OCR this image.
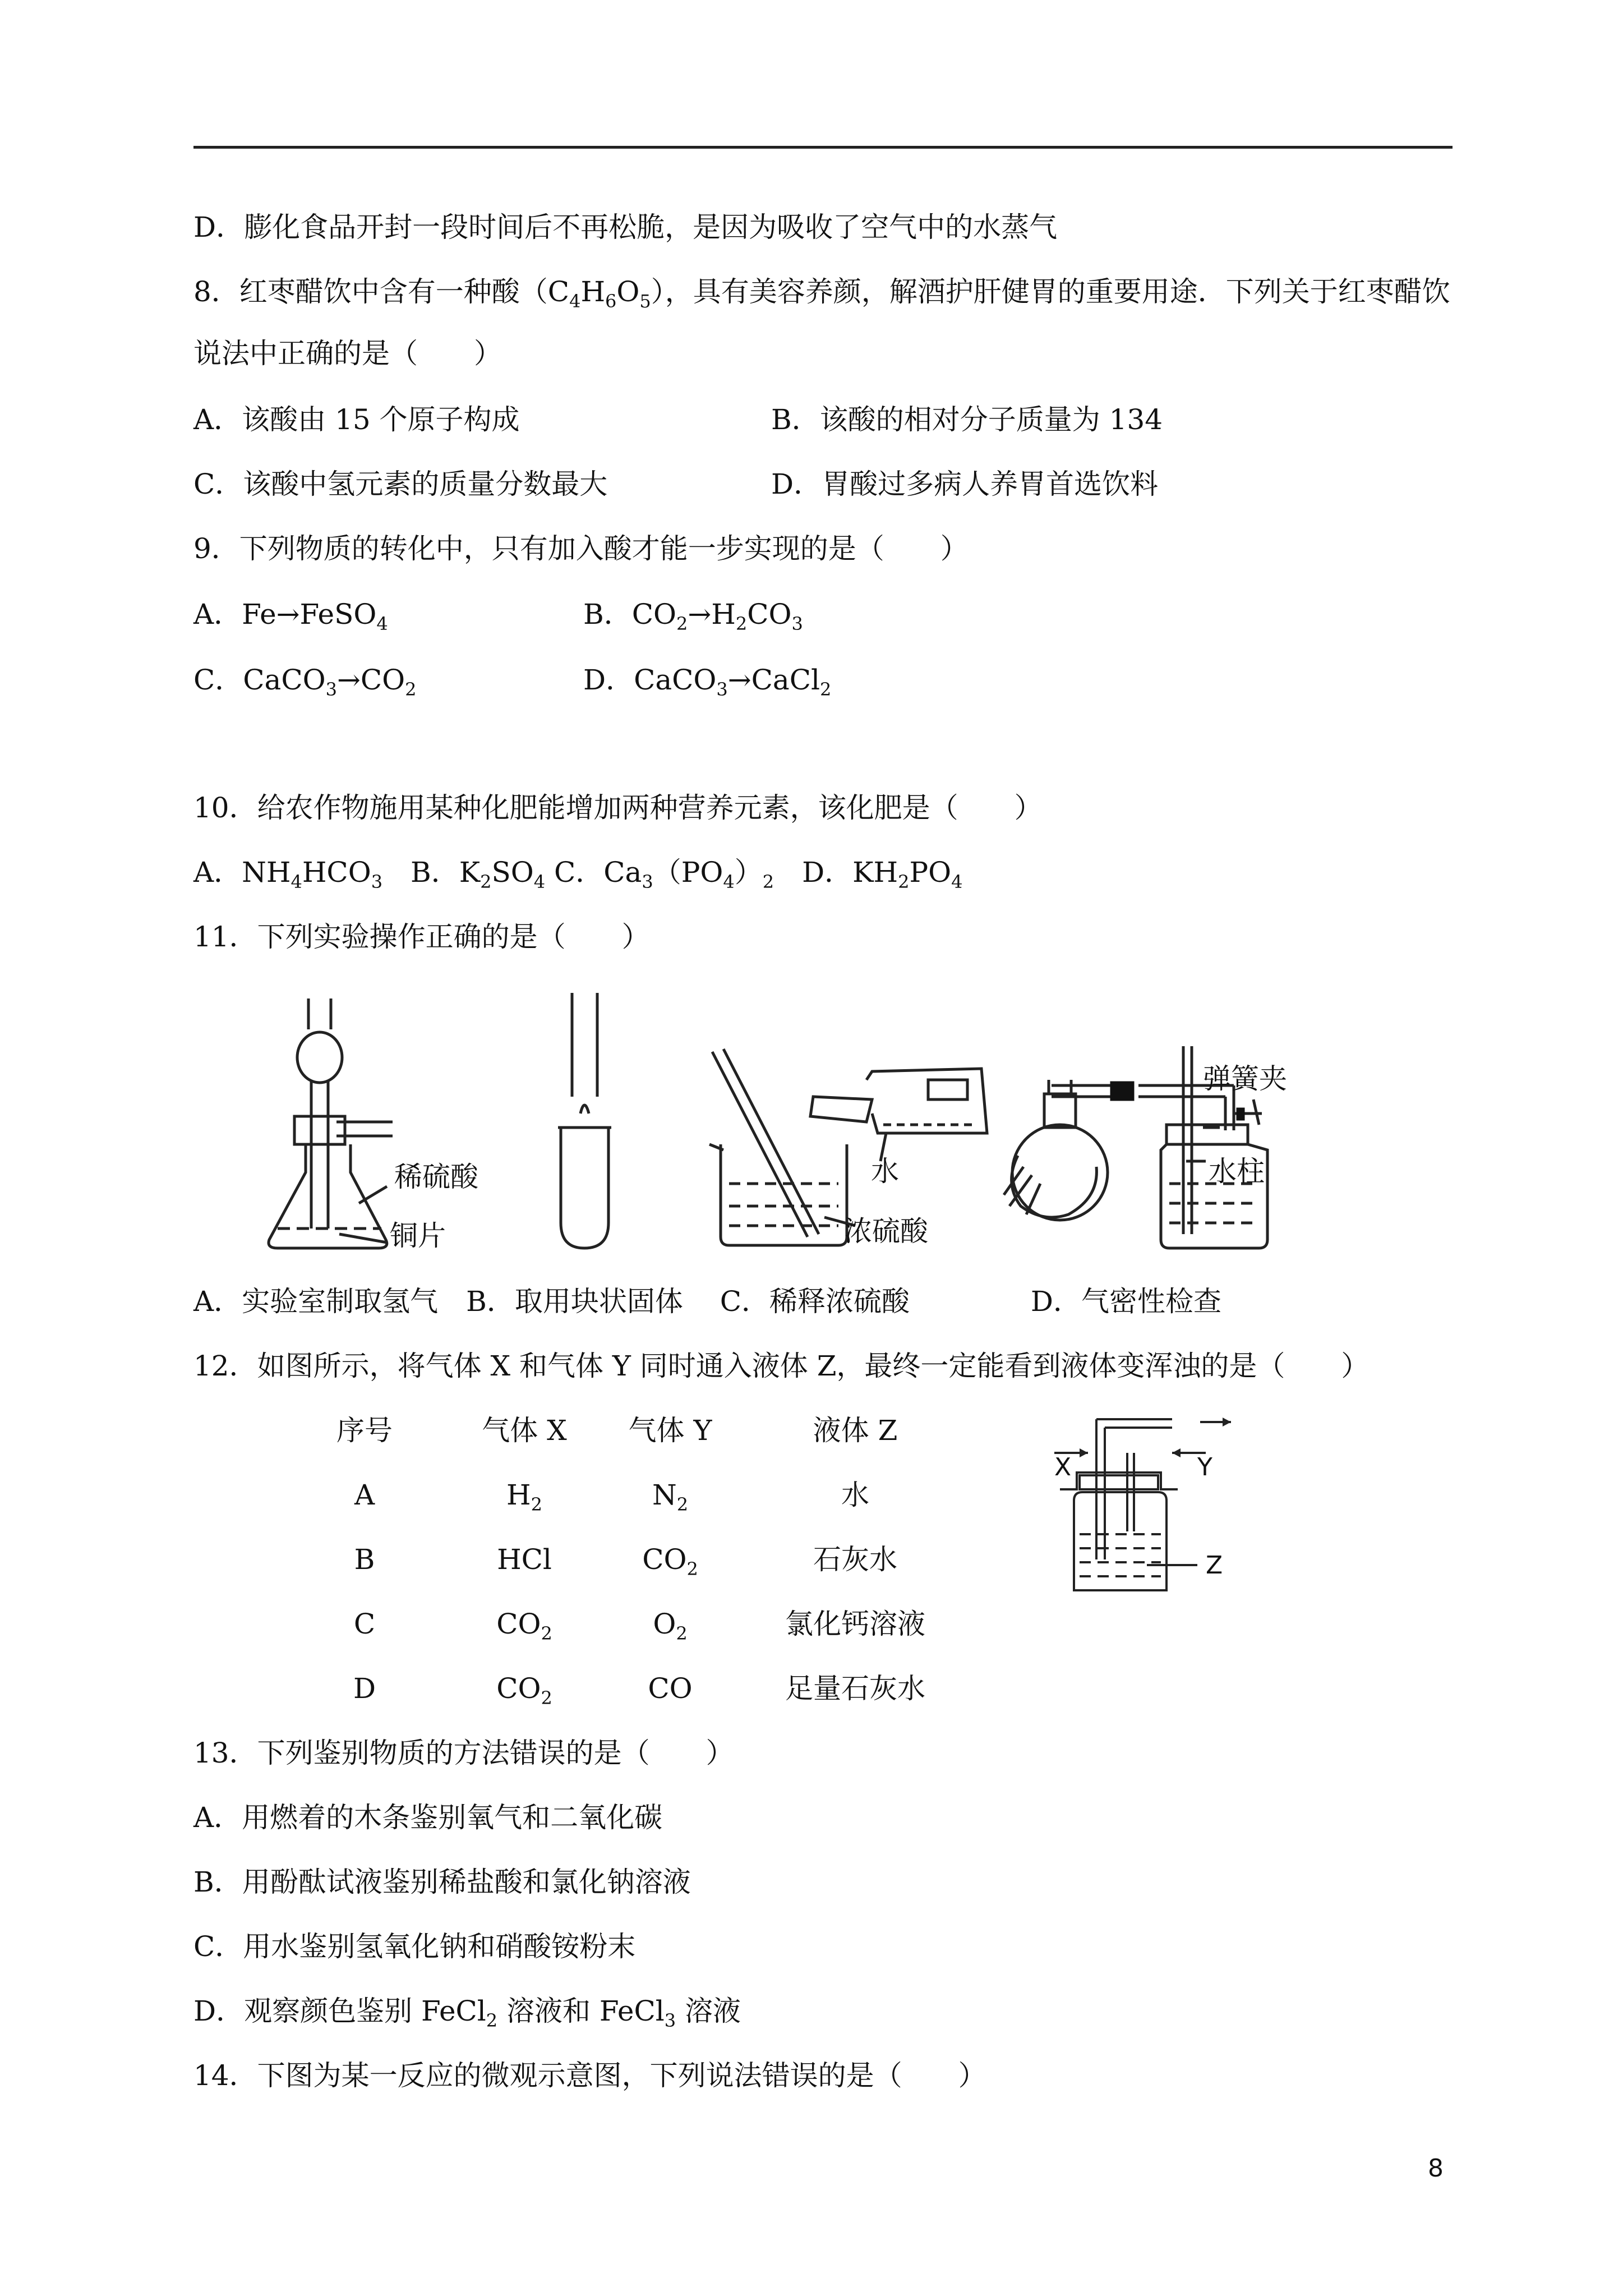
D．膨化食品开封一段时间后不再松脆，是因为吸收了空气中的水蒸气
8．红枣醋饮中含有一种酸$(C_4H_6O_5)$，具有美容养颜，解酒护肝健胃的重要用途．下列关于红枣醋饮
说法中正确的是（　　）
A．该酸由 15 个原子构成	B．该酸的相对分子质量为 134
C．该酸中氢元素的质量分数最大	D．胃酸过多病人养胃首选饮料
9．下列物质的转化中，只有加入酸才能一步实现的是（　　）
A．Fe→FeSO$_4$	B．$CO_2\to H_2CO_3$
C．$CaCO_3\to CO_2$	D．CaCO$_3$→CaCl$_2$
10．给农作物施用某种化肥能增加两种营养元素，该化肥是（　　）
A．$NH_4HCO_3$  B．$K_2SO_4$ C．$Ca_3(PO_4)_2$  D．$KH_2PO_4$
11．下列实验操作正确的是（　　）
稀硫酸
铜片
水
浓硫酸
弹簧夹
水柱
A．实验室制取氢气　B．取用块状固体　 C．稀释浓硫酸　　　　 D．气密性检查
12．如图所示，将气体 X 和气体 Y 同时通入液体 Z，最终一定能看到液体变浑浊的是（　　）
序号	气体 X 气体 Y	液体 Z
A	$H_2$	$N_2$	水
B	HCl	$CO_2$	石灰水
C	$CO_2$	$O_2$	氯化钙溶液
D	$CO_2$	CO	足量石灰水
X	Y
Z
13．下列鉴别物质的方法错误的是（　　）
A．用燃着的木条鉴别氧气和二氧化碳
B．用酚酞试液鉴别稀盐酸和氯化钠溶液
C．用水鉴别氢氧化钠和硝酸铵粉末
D．观察颜色鉴别 FeCl$_2$ 溶液和 FeCl$_3$ 溶液
14．下图为某一反应的微观示意图，下列说法错误的是（　　）
8
